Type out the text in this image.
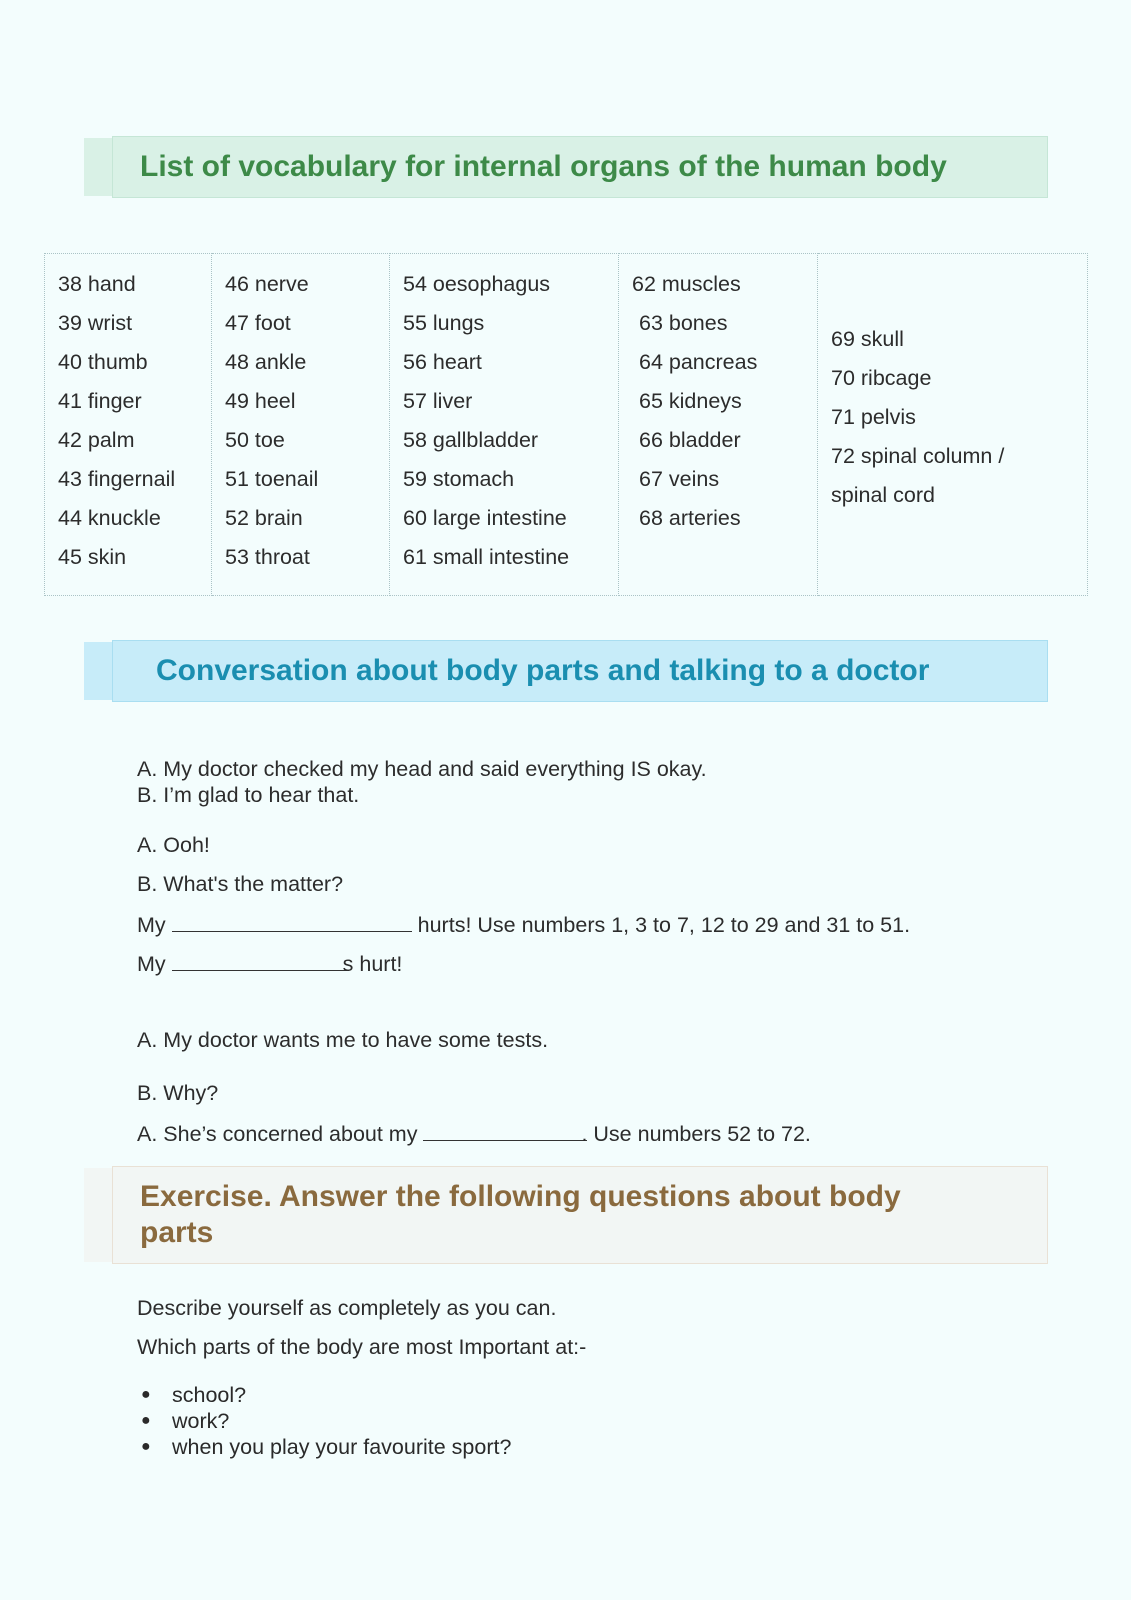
List of vocabulary for internal organs of the human body
38 hand
39 wrist
40 thumb
41 finger
42 palm
43 fingernail
44 knuckle
45 skin

46 nerve
47 foot
48 ankle
49 heel
50 toe
51 toenail
52 brain
53 throat

54 oesophagus
55 lungs
56 heart
57 liver
58 gallbladder
59 stomach
60 large intestine
61 small intestine

62 muscles
63 bones
64 pancreas
65 kidneys
66 bladder
67 veins
68 arteries

69 skull
70 ribcage
71 pelvis
72 spinal column /
spinal cord
Conversation about body parts and talking to a doctor
A. My doctor checked my head and said everything IS okay.
B. I’m glad to hear that.
A. Ooh!
B. What's the matter?
My	hurts! Use numbers 1, 3 to 7, 12 to 29 and 31 to 51.
My	s hurt!
A. My doctor wants me to have some tests.
B. Why?
A. She’s concerned about my	. Use numbers 52 to 72.
Exercise. Answer the following questions about body
parts
Describe yourself as completely as you can.
Which parts of the body are most Important at:-
● school?
● work?
● when you play your favourite sport?
